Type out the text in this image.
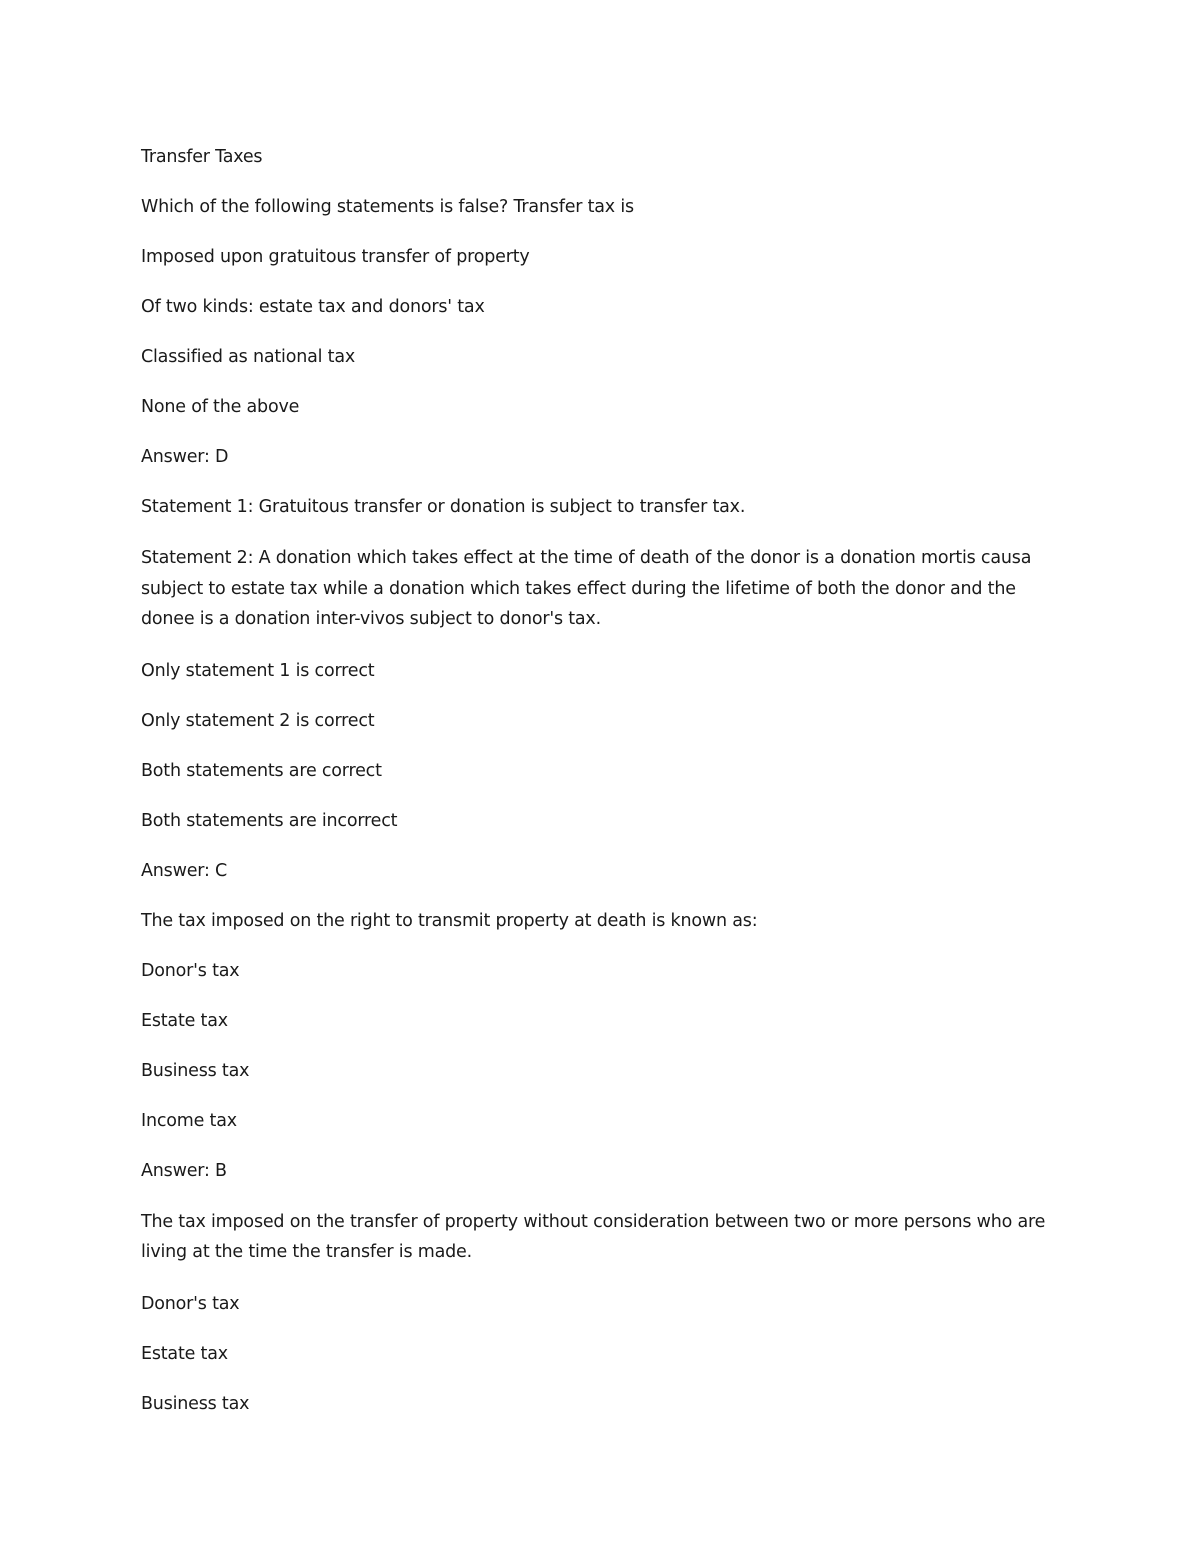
Transfer Taxes

Which of the following statements is false? Transfer tax is

Imposed upon gratuitous transfer of property

Of two kinds: estate tax and donors' tax

Classified as national tax

None of the above

Answer: D

Statement 1: Gratuitous transfer or donation is subject to transfer tax.

Statement 2: A donation which takes effect at the time of death of the donor is a donation mortis causa subject to estate tax while a donation which takes effect during the lifetime of both the donor and the donee is a donation inter-vivos subject to donor's tax.

Only statement 1 is correct

Only statement 2 is correct

Both statements are correct

Both statements are incorrect

Answer: C

The tax imposed on the right to transmit property at death is known as:

Donor's tax

Estate tax

Business tax

Income tax

Answer: B

The tax imposed on the transfer of property without consideration between two or more persons who are living at the time the transfer is made.

Donor's tax

Estate tax

Business tax
